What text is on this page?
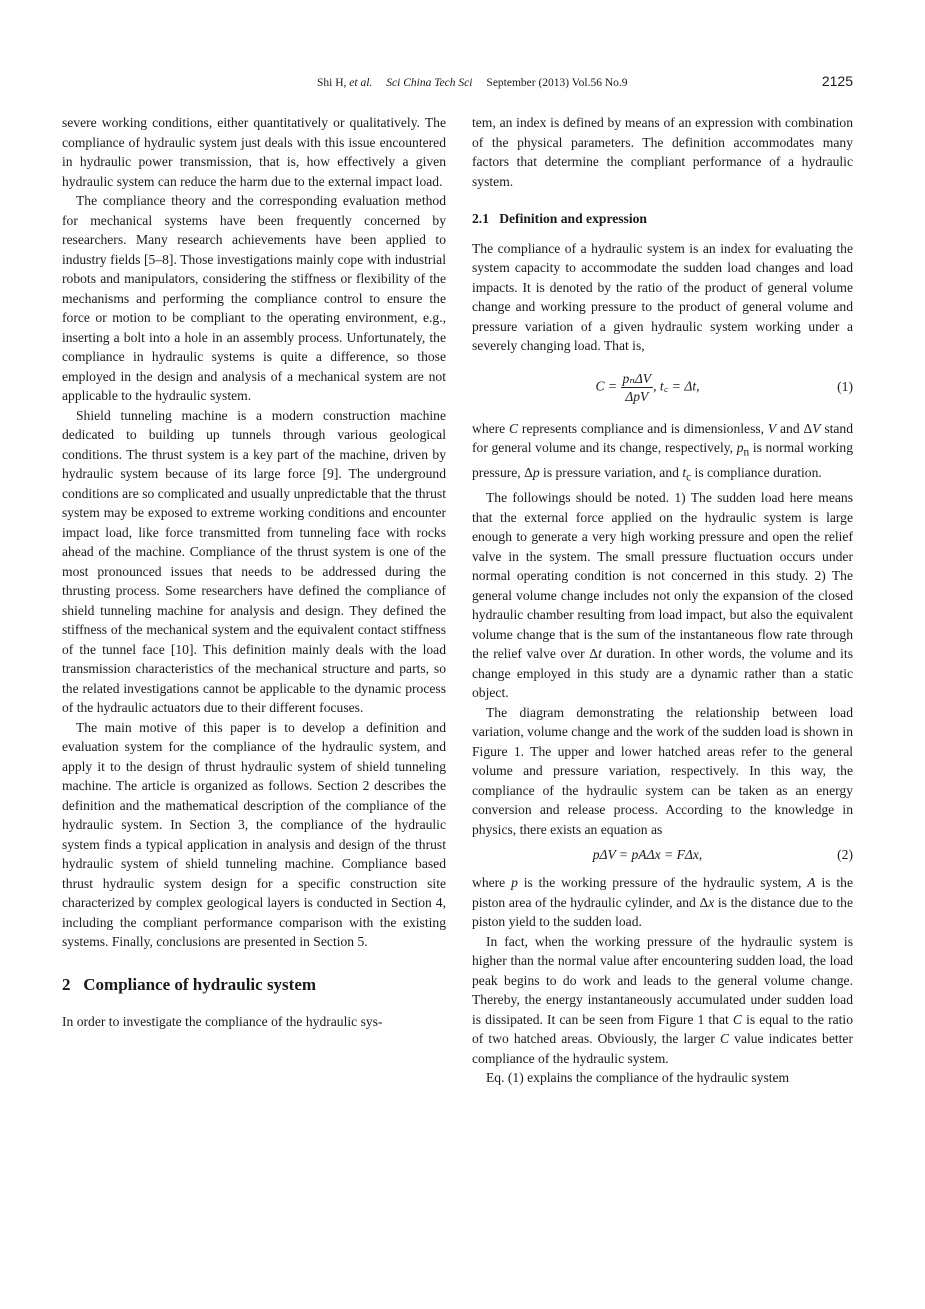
Shi H, et al. Sci China Tech Sci September (2013) Vol.56 No.9	2125
severe working conditions, either quantitatively or qualitatively. The compliance of hydraulic system just deals with this issue encountered in hydraulic power transmission, that is, how effectively a given hydraulic system can reduce the harm due to the external impact load.
The compliance theory and the corresponding evaluation method for mechanical systems have been frequently concerned by researchers. Many research achievements have been applied to industry fields [5–8]. Those investigations mainly cope with industrial robots and manipulators, considering the stiffness or flexibility of the mechanisms and performing the compliance control to ensure the force or motion to be compliant to the operating environment, e.g., inserting a bolt into a hole in an assembly process. Unfortunately, the compliance in hydraulic systems is quite a difference, so those employed in the design and analysis of a mechanical system are not applicable to the hydraulic system.
Shield tunneling machine is a modern construction machine dedicated to building up tunnels through various geological conditions. The thrust system is a key part of the machine, driven by hydraulic system because of its large force [9]. The underground conditions are so complicated and usually unpredictable that the thrust system may be exposed to extreme working conditions and encounter impact load, like force transmitted from tunneling face with rocks ahead of the machine. Compliance of the thrust system is one of the most pronounced issues that needs to be addressed during the thrusting process. Some researchers have defined the compliance of shield tunneling machine for analysis and design. They defined the stiffness of the mechanical system and the equivalent contact stiffness of the tunnel face [10]. This definition mainly deals with the load transmission characteristics of the mechanical structure and parts, so the related investigations cannot be applicable to the dynamic process of the hydraulic actuators due to their different focuses.
The main motive of this paper is to develop a definition and evaluation system for the compliance of the hydraulic system, and apply it to the design of thrust hydraulic system of shield tunneling machine. The article is organized as follows. Section 2 describes the definition and the mathematical description of the compliance of the hydraulic system. In Section 3, the compliance of the hydraulic system finds a typical application in analysis and design of the thrust hydraulic system of shield tunneling machine. Compliance based thrust hydraulic system design for a specific construction site characterized by complex geological layers is conducted in Section 4, including the compliant performance comparison with the existing systems. Finally, conclusions are presented in Section 5.
2   Compliance of hydraulic system
In order to investigate the compliance of the hydraulic sys-
tem, an index is defined by means of an expression with combination of the physical parameters. The definition accommodates many factors that determine the compliant performance of a hydraulic system.
2.1   Definition and expression
The compliance of a hydraulic system is an index for evaluating the system capacity to accommodate the sudden load changes and load impacts. It is denoted by the ratio of the product of general volume change and working pressure to the product of general volume and pressure variation of a given hydraulic system working under a severely changing load. That is,
$C = \frac{\text{pₙΔV}}{\text{ΔpV}}$ , t꜀ = Δt,	(1)
where C represents compliance and is dimensionless, V and ΔV stand for general volume and its change, respectively, $p_n$ is normal working pressure, Δp is pressure variation, and $t_c$ is compliance duration.
The followings should be noted. 1) The sudden load here means that the external force applied on the hydraulic system is large enough to generate a very high working pressure and open the relief valve in the system. The small pressure fluctuation occurs under normal operating condition is not concerned in this study. 2) The general volume change includes not only the expansion of the closed hydraulic chamber resulting from load impact, but also the equivalent volume change that is the sum of the instantaneous flow rate through the relief valve over Δt duration. In other words, the volume and its change employed in this study are a dynamic rather than a static object.
The diagram demonstrating the relationship between load variation, volume change and the work of the sudden load is shown in Figure 1. The upper and lower hatched areas refer to the general volume and pressure variation, respectively. In this way, the compliance of the hydraulic system can be taken as an energy conversion and release process. According to the knowledge in physics, there exists an equation as
pΔV = pAΔx = FΔx,	(2)
where p is the working pressure of the hydraulic system, A is the piston area of the hydraulic cylinder, and Δx is the distance due to the piston yield to the sudden load.
In fact, when the working pressure of the hydraulic system is higher than the normal value after encountering sudden load, the load peak begins to do work and leads to the general volume change. Thereby, the energy instantaneously accumulated under sudden load is dissipated. It can be seen from Figure 1 that C is equal to the ratio of two hatched areas. Obviously, the larger C value indicates better compliance of the hydraulic system.
Eq. (1) explains the compliance of the hydraulic system
